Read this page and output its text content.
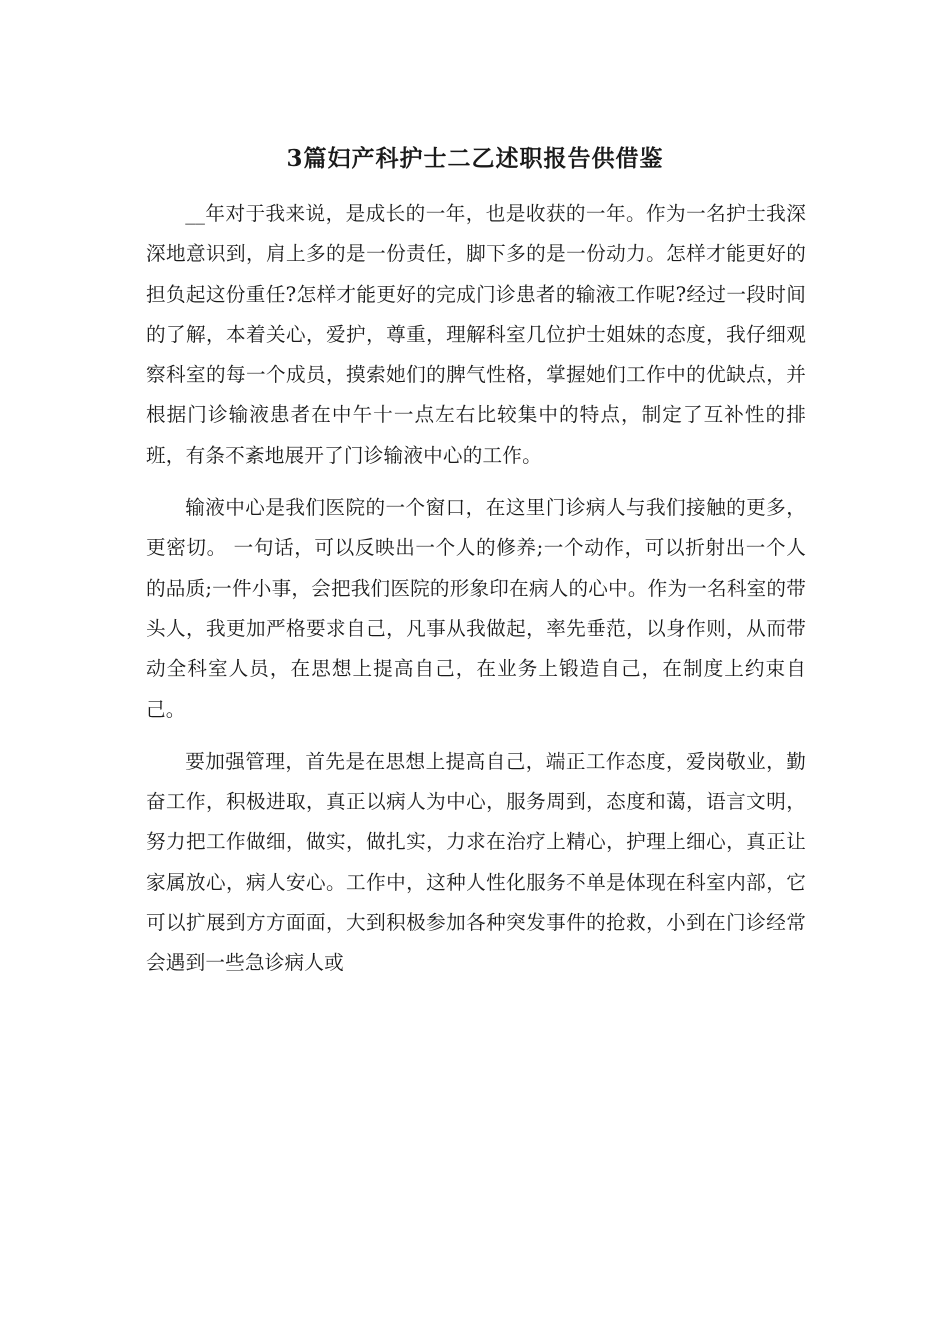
3篇妇产科护士二乙述职报告供借鉴

__年对于我来说，是成长的一年，也是收获的一年。作为一名护士我深深地意识到，肩上多的是一份责任，脚下多的是一份动力。怎样才能更好的担负起这份重任?怎样才能更好的完成门诊患者的输液工作呢?经过一段时间的了解，本着关心，爱护，尊重，理解科室几位护士姐妹的态度，我仔细观察科室的每一个成员，摸索她们的脾气性格，掌握她们工作中的优缺点，并根据门诊输液患者在中午十一点左右比较集中的特点，制定了互补性的排班，有条不紊地展开了门诊输液中心的工作。

输液中心是我们医院的一个窗口，在这里门诊病人与我们接触的更多，更密切。 一句话，可以反映出一个人的修养;一个动作，可以折射出一个人的品质;一件小事，会把我们医院的形象印在病人的心中。作为一名科室的带头人，我更加严格要求自己，凡事从我做起，率先垂范，以身作则，从而带动全科室人员，在思想上提高自己，在业务上锻造自己，在制度上约束自己。

要加强管理，首先是在思想上提高自己，端正工作态度，爱岗敬业，勤奋工作，积极进取，真正以病人为中心，服务周到，态度和蔼，语言文明，努力把工作做细，做实，做扎实，力求在治疗上精心，护理上细心，真正让家属放心，病人安心。工作中，这种人性化服务不单是体现在科室内部，它可以扩展到方方面面，大到积极参加各种突发事件的抢救，小到在门诊经常会遇到一些急诊病人或
